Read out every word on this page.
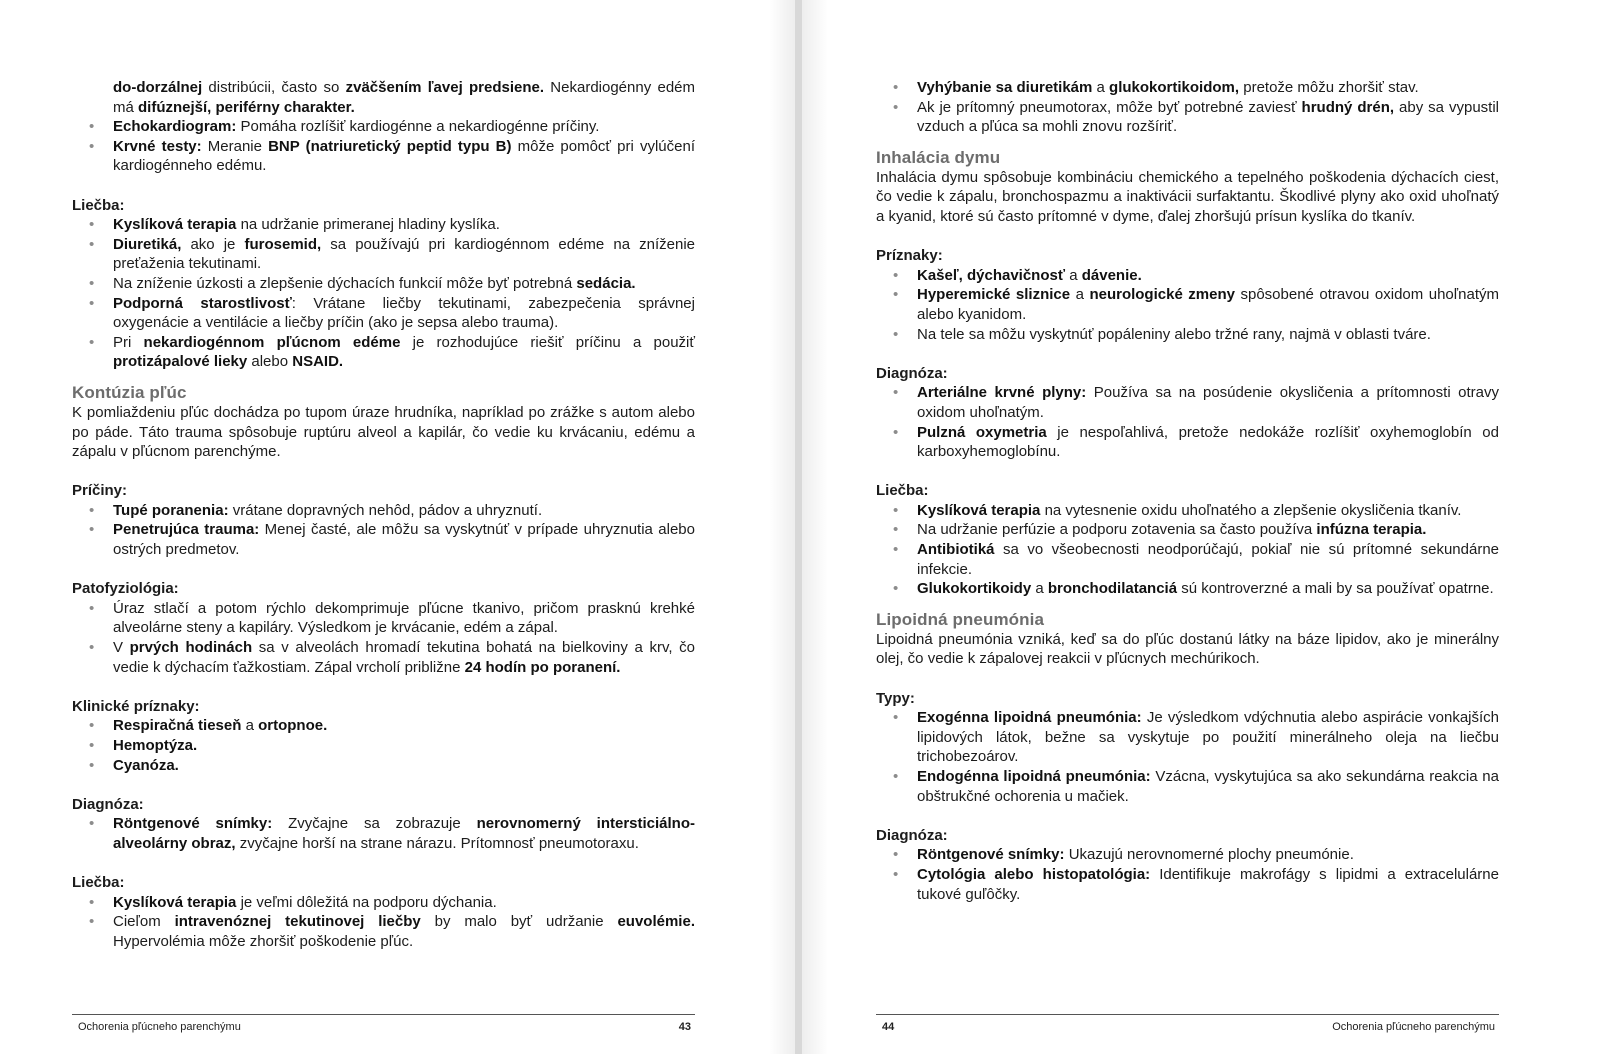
do-dorzálnej distribúcii, často so zväčšením ľavej predsiene. Nekardiogénny edém má difúznejší, periférny charakter.
• Echokardiogram: Pomáha rozlíšiť kardiogénne a nekardiogénne príčiny.
• Krvné testy: Meranie BNP (natriuretický peptid typu B) môže pomôcť pri vylúčení kardiogénneho edému.

Liečba:

• Kyslíková terapia na udržanie primeranej hladiny kyslíka.
• Diuretiká, ako je furosemid, sa používajú pri kardiogénnom edéme na zníženie preťaženia tekutinami.
• Na zníženie úzkosti a zlepšenie dýchacích funkcií môže byť potrebná sedácia.
• Podporná starostlivosť: Vrátane liečby tekutinami, zabezpečenia správnej oxygenácie a ventilácie a liečby príčin (ako je sepsa alebo trauma).
• Pri nekardiogénnom pľúcnom edéme je rozhodujúce riešiť príčinu a použiť protizápalové lieky alebo NSAID.
Kontúzia pľúc

K pomliaždeniu pľúc dochádza po tupom úraze hrudníka, napríklad po zrážke s autom alebo po páde. Táto trauma spôsobuje ruptúru alveol a kapilár, čo vedie ku krvácaniu, edému a zápalu v pľúcnom parenchýme.

Príčiny:

• Tupé poranenia: vrátane dopravných nehôd, pádov a uhryznutí.
• Penetrujúca trauma: Menej časté, ale môžu sa vyskytnúť v prípade uhryznutia alebo ostrých predmetov.

Patofyziológia:

• Úraz stlačí a potom rýchlo dekomprimuje pľúcne tkanivo, pričom prasknú krehké alveolárne steny a kapiláry. Výsledkom je krvácanie, edém a zápal.
• V prvých hodinách sa v alveolách hromadí tekutina bohatá na bielkoviny a krv, čo vedie k dýchacím ťažkostiam. Zápal vrcholí približne 24 hodín po poranení.

Klinické príznaky:

• Respiračná tieseň a ortopnoe.
• Hemoptýza.
• Cyanóza.

Diagnóza:

• Röntgenové snímky: Zvyčajne sa zobrazuje nerovnomerný intersticiálno-alveolárny obraz, zvyčajne horší na strane nárazu. Prítomnosť pneumotoraxu.

Liečba:

• Kyslíková terapia je veľmi dôležitá na podporu dýchania.
• Cieľom intravenóznej tekutinovej liečby by malo byť udržanie euvolémie. Hypervolémia môže zhoršiť poškodenie pľúc.
Ochorenia pľúcneho parenchýmu	43
• Vyhýbanie sa diuretikám a glukokortikoidom, pretože môžu zhoršiť stav.
• Ak je prítomný pneumotorax, môže byť potrebné zaviesť hrudný drén, aby sa vypustil vzduch a pľúca sa mohli znovu rozšíriť.
Inhalácia dymu

Inhalácia dymu spôsobuje kombináciu chemického a tepelného poškodenia dýchacích ciest, čo vedie k zápalu, bronchospazmu a inaktivácii surfaktantu. Škodlivé plyny ako oxid uhoľnatý a kyanid, ktoré sú často prítomné v dyme, ďalej zhoršujú prísun kyslíka do tkanív.

Príznaky:

• Kašeľ, dýchavičnosť a dávenie.
• Hyperemické sliznice a neurologické zmeny spôsobené otravou oxidom uhoľnatým alebo kyanidom.
• Na tele sa môžu vyskytnúť popáleniny alebo tržné rany, najmä v oblasti tváre.

Diagnóza:

• Arteriálne krvné plyny: Používa sa na posúdenie okysličenia a prítomnosti otravy oxidom uhoľnatým.
• Pulzná oxymetria je nespoľahlivá, pretože nedokáže rozlíšiť oxyhemoglobín od karboxyhemoglobínu.

Liečba:

• Kyslíková terapia na vytesnenie oxidu uhoľnatého a zlepšenie okysličenia tkanív.
• Na udržanie perfúzie a podporu zotavenia sa často používa infúzna terapia.
• Antibiotiká sa vo všeobecnosti neodporúčajú, pokiaľ nie sú prítomné sekundárne infekcie.
• Glukokortikoidy a bronchodilatanciá sú kontroverzné a mali by sa používať opatrne.
Lipoidná pneumónia

Lipoidná pneumónia vzniká, keď sa do pľúc dostanú látky na báze lipidov, ako je minerálny olej, čo vedie k zápalovej reakcii v pľúcnych mechúrikoch.

Typy:

• Exogénna lipoidná pneumónia: Je výsledkom vdýchnutia alebo aspirácie vonkajších lipidových látok, bežne sa vyskytuje po použití minerálneho oleja na liečbu trichobezoárov.
• Endogénna lipoidná pneumónia: Vzácna, vyskytujúca sa ako sekundárna reakcia na obštrukčné ochorenia u mačiek.

Diagnóza:

• Röntgenové snímky: Ukazujú nerovnomerné plochy pneumónie.
• Cytológia alebo histopatológia: Identifikuje makrofágy s lipidmi a extracelulárne tukové guľôčky.
44	Ochorenia pľúcneho parenchýmu
